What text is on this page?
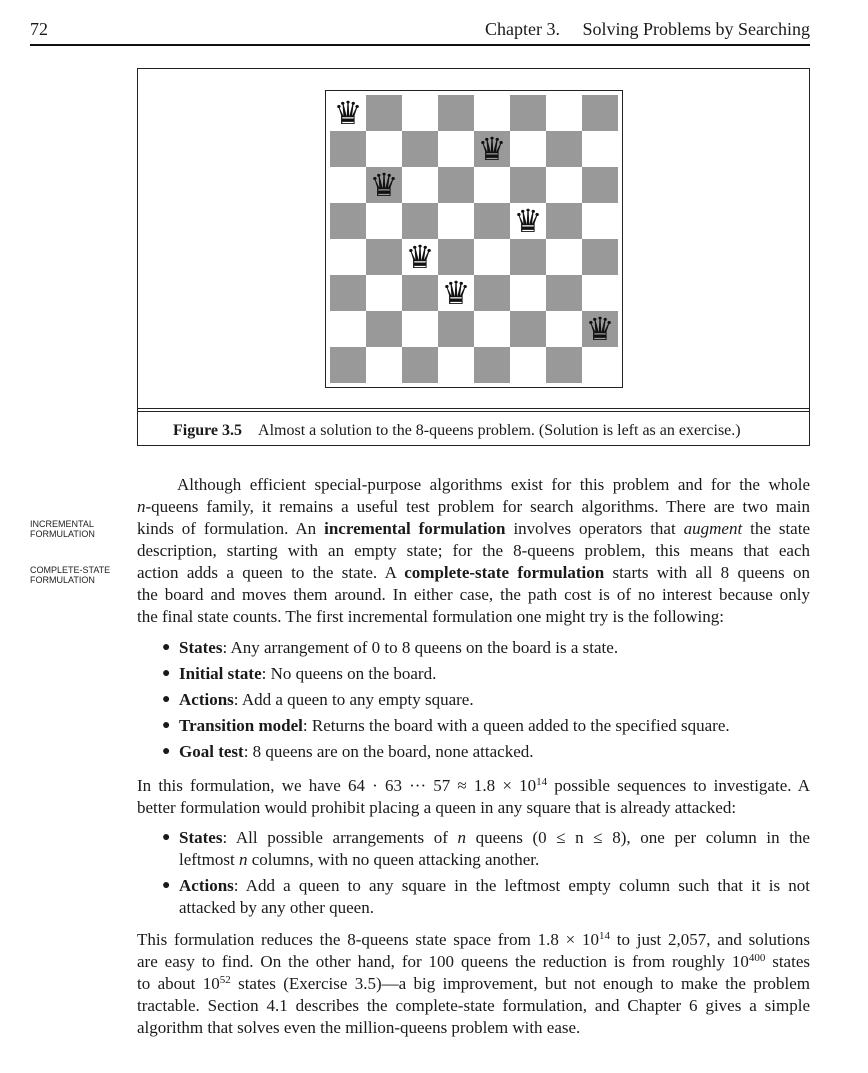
72	Chapter 3.     Solving Problems by Searching
♛
♛
♛
♛
♛
♛
♛
Figure 3.5 Almost a solution to the 8-queens problem. (Solution is left as an exercise.)
INCREMENTAL
FORMULATION
COMPLETE-STATE
FORMULATION
Although efficient special-purpose algorithms exist for this problem and for the whole
n-queens family, it remains a useful test problem for search algorithms. There are two main
kinds of formulation. An incremental formulation involves operators that augment the state
description, starting with an empty state; for the 8-queens problem, this means that each
action adds a queen to the state. A complete-state formulation starts with all 8 queens on
the board and moves them around. In either case, the path cost is of no interest because only
the final state counts. The first incremental formulation one might try is the following:
● States: Any arrangement of 0 to 8 queens on the board is a state.
● Initial state: No queens on the board.
● Actions: Add a queen to any empty square.
● Transition model: Returns the board with a queen added to the specified square.
● Goal test: 8 queens are on the board, none attacked.
In this formulation, we have 64 · 63 ··· $57 \approx 1.8 \times 10^{14}$ possible sequences to investigate. A
better formulation would prohibit placing a queen in any square that is already attacked:
● States: All possible arrangements of n queens (0 ≤ n ≤ 8), one per column in the
leftmost n columns, with no queen attacking another.
● Actions: Add a queen to any square in the leftmost empty column such that it is not
attacked by any other queen.
This formulation reduces the 8-queens state space from $1.8 \times 10^{14}$ to just 2,057, and solutions
are easy to find. On the other hand, for 100 queens the reduction is from roughly $10^{400}$ states
to about $10^{52}$ states (Exercise 3.5)—a big improvement, but not enough to make the problem
tractable. Section 4.1 describes the complete-state formulation, and Chapter 6 gives a simple
algorithm that solves even the million-queens problem with ease.
